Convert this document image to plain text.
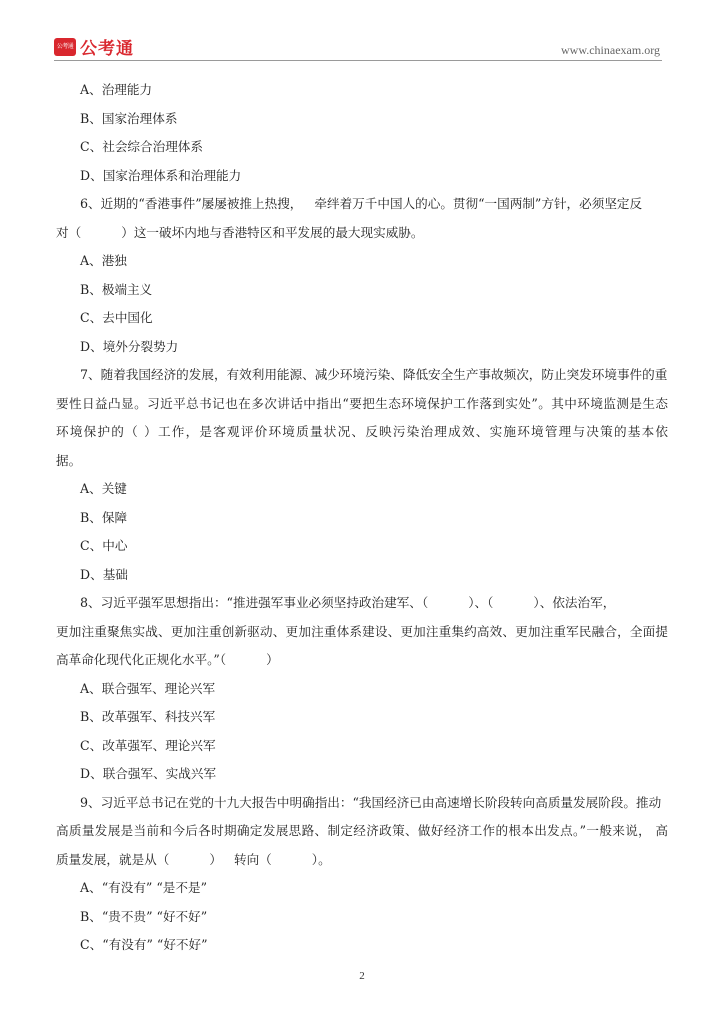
公考通 公考通	www.chinaexam.org
A、治理能力
B、国家治理体系
C、社会综合治理体系
D、国家治理体系和治理能力
6、近期的“香港事件”屡屡被推上热搜，   牵绊着万千中国人的心。贯彻“一国两制”方针，必须坚定反
对（          ）这一破坏内地与香港特区和平发展的最大现实威胁。
A、港独
B、极端主义
C、去中国化
D、境外分裂势力
7、随着我国经济的发展，有效利用能源、减少环境污染、降低安全生产事故频次，防止突发环境事件的重
要性日益凸显。习近平总书记也在多次讲话中指出“要把生态环境保护工作落到实处”。其中环境监测是生态
环境保护的（ ）工作，是客观评价环境质量状况、反映污染治理成效、实施环境管理与决策的基本依
据。
A、关键
B、保障
C、中心
D、基础
8、习近平强军思想指出：“推进强军事业必须坚持政治建军、（          ）、（          ）、依法治军，
更加注重聚焦实战、更加注重创新驱动、更加注重体系建设、更加注重集约高效、更加注重军民融合，全面提
高革命化现代化正规化水平。”（          ）
A、联合强军、理论兴军
B、改革强军、科技兴军
C、改革强军、理论兴军
D、联合强军、实战兴军
9、习近平总书记在党的十九大报告中明确指出：“我国经济已由高速增长阶段转向高质量发展阶段。推动
高质量发展是当前和今后各时期确定发展思路、制定经济政策、做好经济工作的根本出发点。”一般来说， 高
质量发展，就是从（          ）   转向（          ）。
A、“有没有” “是不是”
B、“贵不贵” “好不好”
C、“有没有” “好不好”
2
